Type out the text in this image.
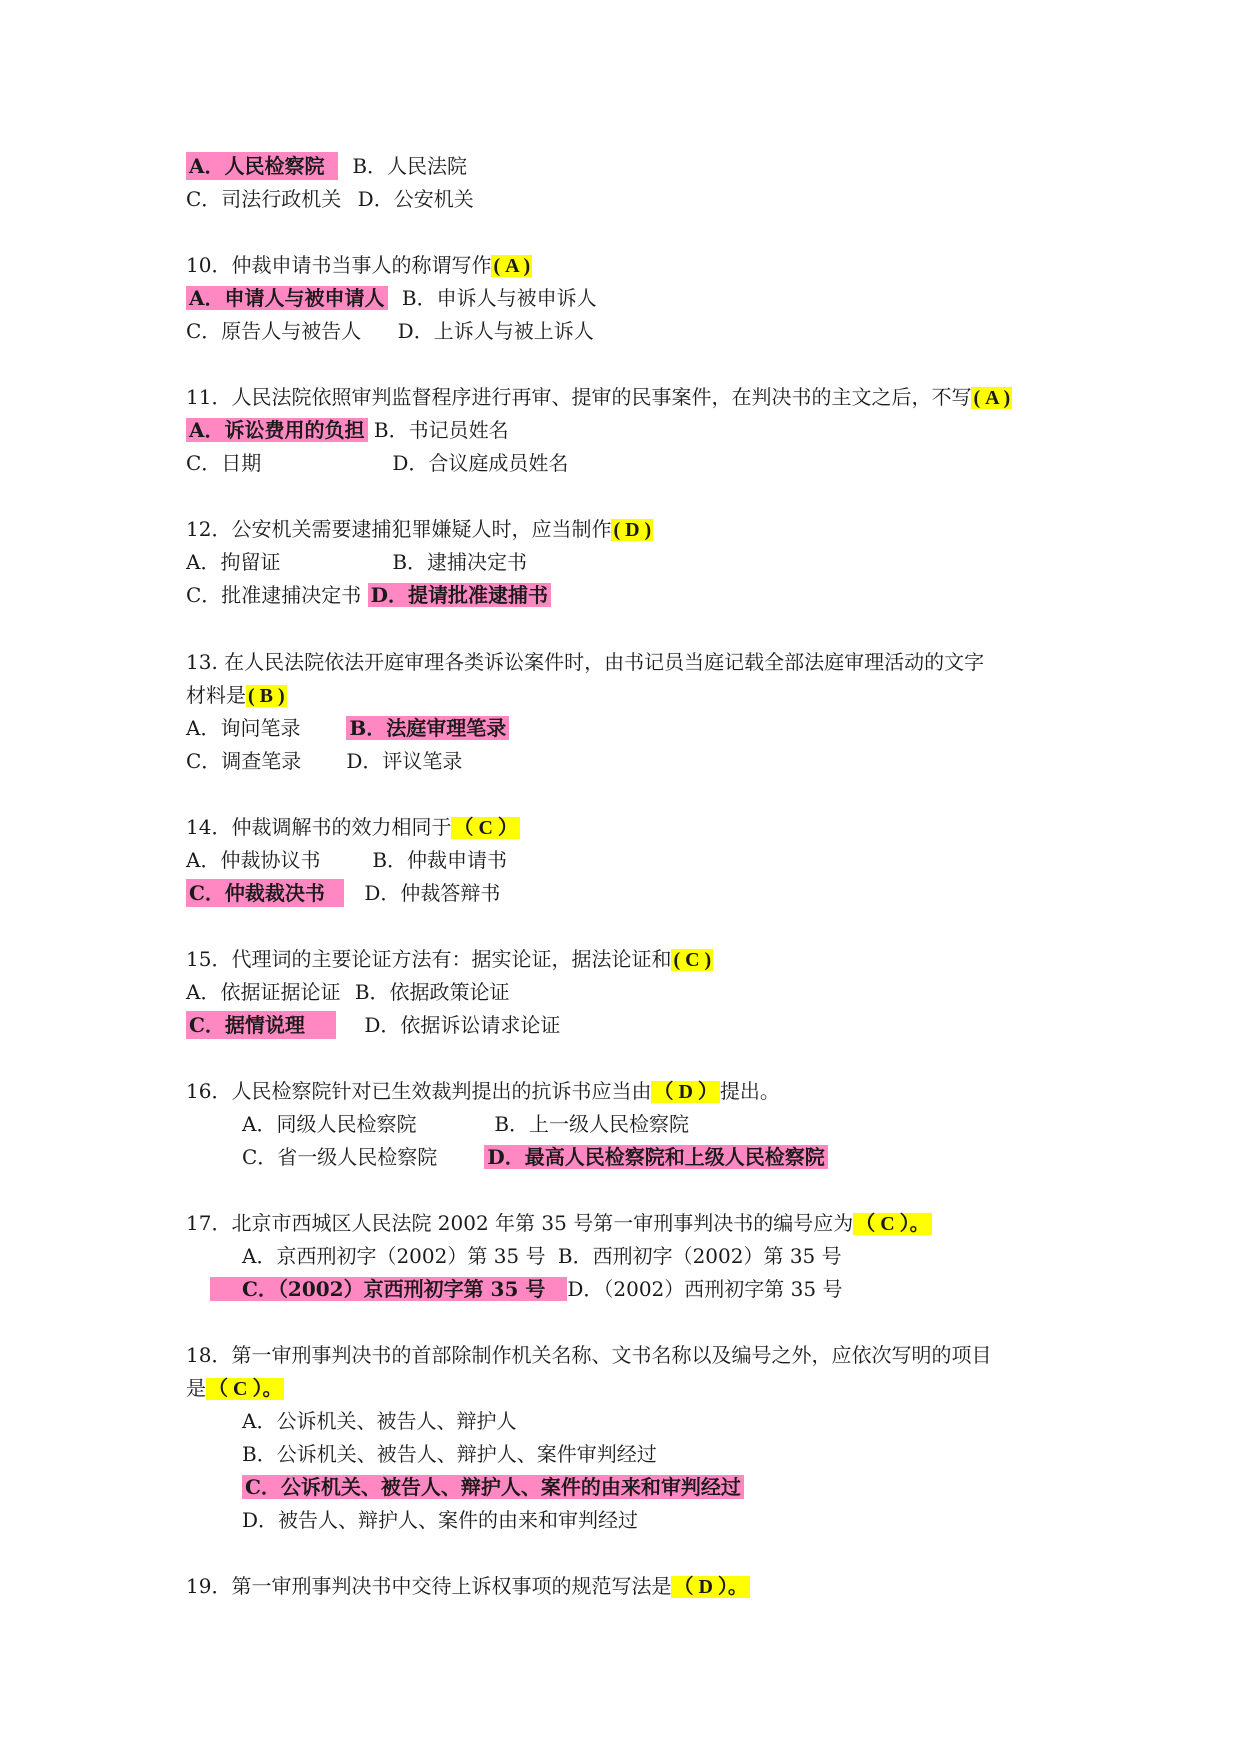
A．人民检察院 B．人民法院
C．司法行政机关 D．公安机关
10．仲裁申请书当事人的称谓写作 ( A )
A．申请人与被申请人 B．申诉人与被申诉人
C．原告人与被告人 D．上诉人与被上诉人
11．人民法院依照审判监督程序进行再审、提审的民事案件，在判决书的主文之后，不写 ( A )
A．诉讼费用的负担 B．书记员姓名
C．日期	D．合议庭成员姓名
12．公安机关需要逮捕犯罪嫌疑人时，应当制作 ( D )
A．拘留证	B．逮捕决定书
C．批准逮捕决定书 D．提请批准逮捕书
13. 在人民法院依法开庭审理各类诉讼案件时，由书记员当庭记载全部法庭审理活动的文字
材料是 ( B )
A．询问笔录 B．法庭审理笔录
C．调查笔录 D．评议笔录
14．仲裁调解书的效力相同于 （ C ）
A．仲裁协议书	B．仲裁申请书
C．仲裁裁决书 D．仲裁答辩书
15．代理词的主要论证方法有：据实论证，据法论证和 ( C )
A．依据证据论证 B．依据政策论证
C．据情说理	D．依据诉讼请求论证
16．人民检察院针对已生效裁判提出的抗诉书应当由 （ D ） 提出。
A．同级人民检察院	B．上一级人民检察院
C．省一级人民检察院	D．最高人民检察院和上级人民检察院
17．北京市西城区人民法院 2002 年第 35 号第一审刑事判决书的编号应为 （ C ）。
A．京西刑初字（2002）第 35 号 B．西刑初字（2002）第 35 号
C．（2002）京西刑初字第 35 号 D．（2002）西刑初字第 35 号
18．第一审刑事判决书的首部除制作机关名称、文书名称以及编号之外，应依次写明的项目
是 （ C ）。
A．公诉机关、被告人、辩护人
B．公诉机关、被告人、辩护人、案件审判经过
C．公诉机关、被告人、辩护人、案件的由来和审判经过
D．被告人、辩护人、案件的由来和审判经过
19．第一审刑事判决书中交待上诉权事项的规范写法是 （ D ）。
